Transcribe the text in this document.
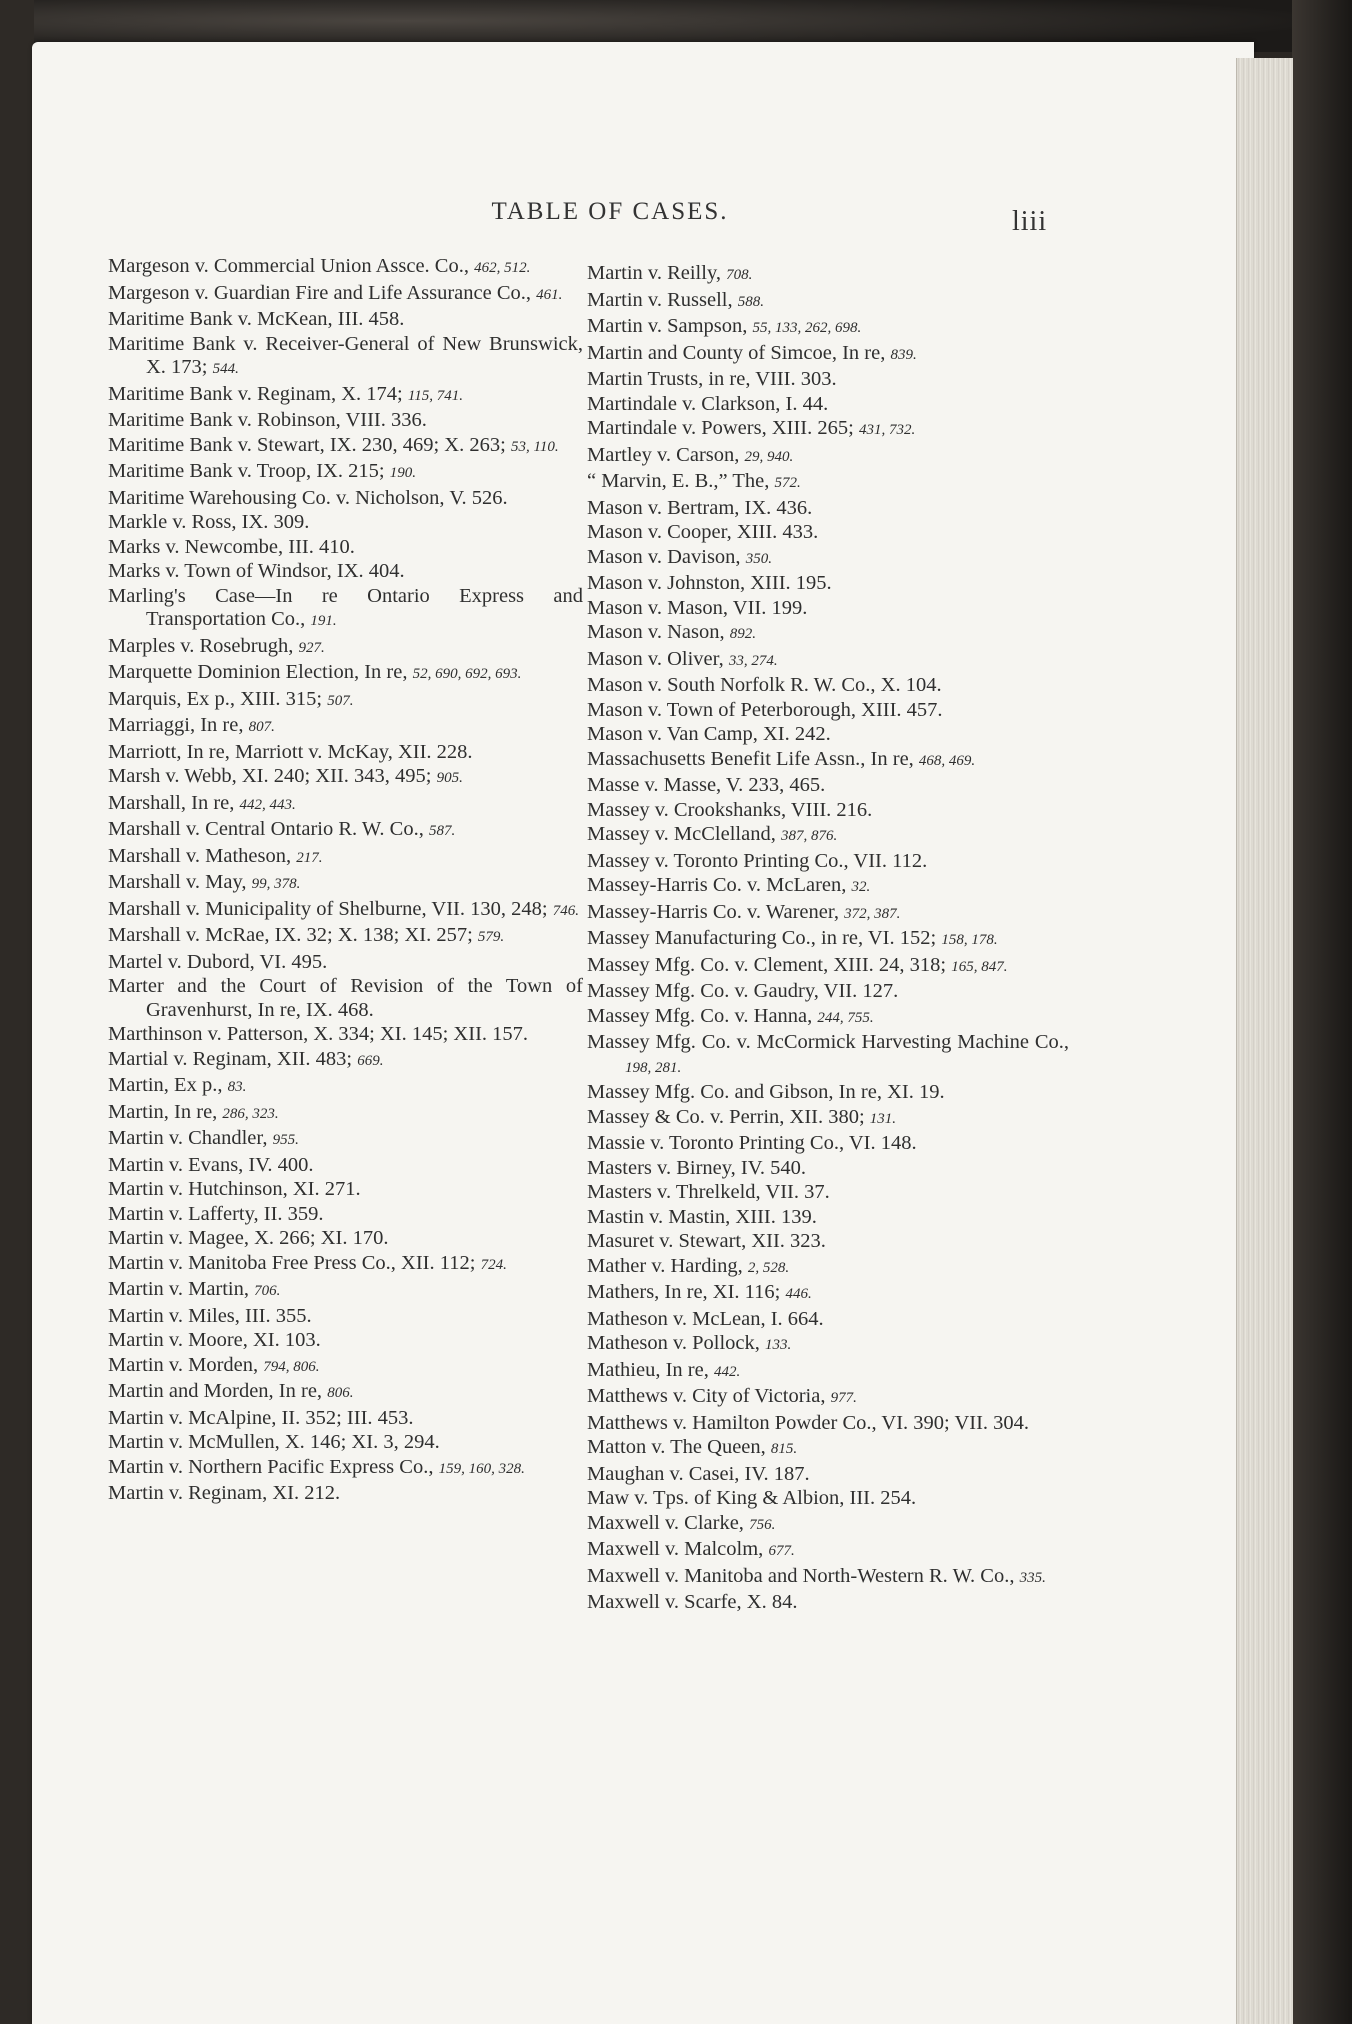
TABLE OF CASES.	liii
Margeson v. Commercial Union Assce. Co., 462, 512.
Margeson v. Guardian Fire and Life Assurance Co., 461.
Maritime Bank v. McKean, III. 458.
Maritime Bank v. Receiver-General of New Brunswick, X. 173; 544.
Maritime Bank v. Reginam, X. 174; 115, 741.
Maritime Bank v. Robinson, VIII. 336.
Maritime Bank v. Stewart, IX. 230, 469; X. 263; 53, 110.
Maritime Bank v. Troop, IX. 215; 190.
Maritime Warehousing Co. v. Nicholson, V. 526.
Markle v. Ross, IX. 309.
Marks v. Newcombe, III. 410.
Marks v. Town of Windsor, IX. 404.
Marling's Case—In re Ontario Express and Transportation Co., 191.
Marples v. Rosebrugh, 927.
Marquette Dominion Election, In re, 52, 690, 692, 693.
Marquis, Ex p., XIII. 315; 507.
Marriaggi, In re, 807.
Marriott, In re, Marriott v. McKay, XII. 228.
Marsh v. Webb, XI. 240; XII. 343, 495; 905.
Marshall, In re, 442, 443.
Marshall v. Central Ontario R. W. Co., 587.
Marshall v. Matheson, 217.
Marshall v. May, 99, 378.
Marshall v. Municipality of Shelburne, VII. 130, 248; 746.
Marshall v. McRae, IX. 32; X. 138; XI. 257; 579.
Martel v. Dubord, VI. 495.
Marter and the Court of Revision of the Town of Gravenhurst, In re, IX. 468.
Marthinson v. Patterson, X. 334; XI. 145; XII. 157.
Martial v. Reginam, XII. 483; 669.
Martin, Ex p., 83.
Martin, In re, 286, 323.
Martin v. Chandler, 955.
Martin v. Evans, IV. 400.
Martin v. Hutchinson, XI. 271.
Martin v. Lafferty, II. 359.
Martin v. Magee, X. 266; XI. 170.
Martin v. Manitoba Free Press Co., XII. 112; 724.
Martin v. Martin, 706.
Martin v. Miles, III. 355.
Martin v. Moore, XI. 103.
Martin v. Morden, 794, 806.
Martin and Morden, In re, 806.
Martin v. McAlpine, II. 352; III. 453.
Martin v. McMullen, X. 146; XI. 3, 294.
Martin v. Northern Pacific Express Co., 159, 160, 328.
Martin v. Reginam, XI. 212.
Martin v. Reilly, 708.
Martin v. Russell, 588.
Martin v. Sampson, 55, 133, 262, 698.
Martin and County of Simcoe, In re, 839.
Martin Trusts, in re, VIII. 303.
Martindale v. Clarkson, I. 44.
Martindale v. Powers, XIII. 265; 431, 732.
Martley v. Carson, 29, 940.
“ Marvin, E. B.,” The, 572.
Mason v. Bertram, IX. 436.
Mason v. Cooper, XIII. 433.
Mason v. Davison, 350.
Mason v. Johnston, XIII. 195.
Mason v. Mason, VII. 199.
Mason v. Nason, 892.
Mason v. Oliver, 33, 274.
Mason v. South Norfolk R. W. Co., X. 104.
Mason v. Town of Peterborough, XIII. 457.
Mason v. Van Camp, XI. 242.
Massachusetts Benefit Life Assn., In re, 468, 469.
Masse v. Masse, V. 233, 465.
Massey v. Crookshanks, VIII. 216.
Massey v. McClelland, 387, 876.
Massey v. Toronto Printing Co., VII. 112.
Massey-Harris Co. v. McLaren, 32.
Massey-Harris Co. v. Warener, 372, 387.
Massey Manufacturing Co., in re, VI. 152; 158, 178.
Massey Mfg. Co. v. Clement, XIII. 24, 318; 165, 847.
Massey Mfg. Co. v. Gaudry, VII. 127.
Massey Mfg. Co. v. Hanna, 244, 755.
Massey Mfg. Co. v. McCormick Harvesting Machine Co., 198, 281.
Massey Mfg. Co. and Gibson, In re, XI. 19.
Massey & Co. v. Perrin, XII. 380; 131.
Massie v. Toronto Printing Co., VI. 148.
Masters v. Birney, IV. 540.
Masters v. Threlkeld, VII. 37.
Mastin v. Mastin, XIII. 139.
Masuret v. Stewart, XII. 323.
Mather v. Harding, 2, 528.
Mathers, In re, XI. 116; 446.
Matheson v. McLean, I. 664.
Matheson v. Pollock, 133.
Mathieu, In re, 442.
Matthews v. City of Victoria, 977.
Matthews v. Hamilton Powder Co., VI. 390; VII. 304.
Matton v. The Queen, 815.
Maughan v. Casei, IV. 187.
Maw v. Tps. of King & Albion, III. 254.
Maxwell v. Clarke, 756.
Maxwell v. Malcolm, 677.
Maxwell v. Manitoba and North-Western R. W. Co., 335.
Maxwell v. Scarfe, X. 84.
